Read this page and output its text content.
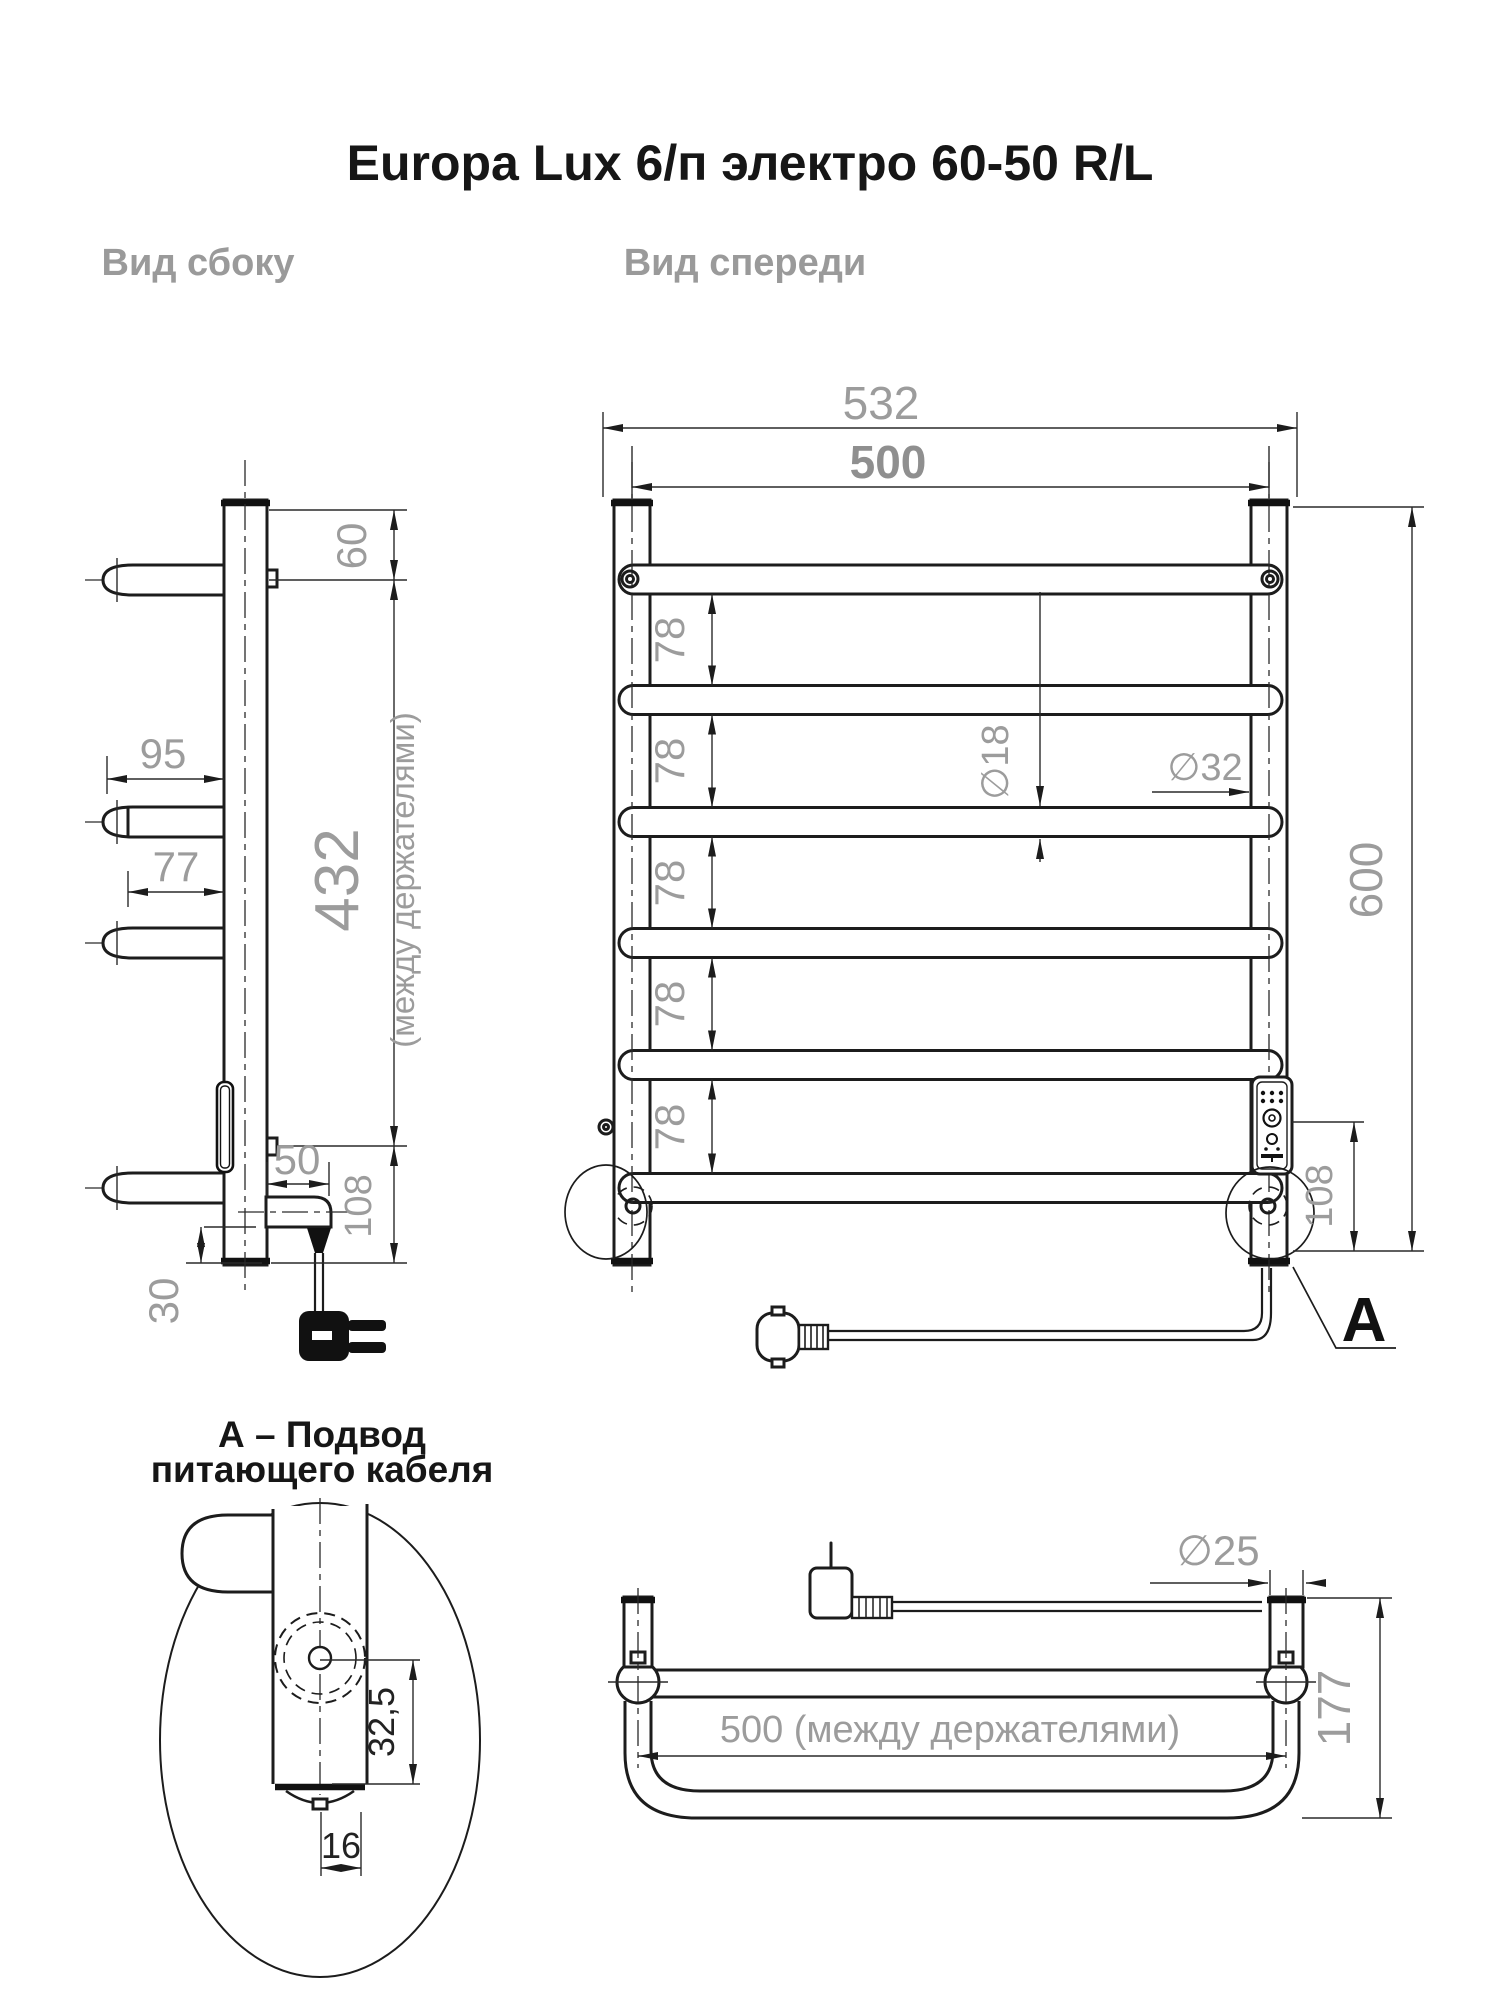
Europa Lux 6/п электро 60-50 R/L
Вид сбоку	Вид спереди
60
432 (между держателями)
108
95
77
50
30	A
532
500
78
78
78
78
78
∅18	∅32
600
108
А – Подвод
питающего кабеля
32,5
16
∅25
500 (между держателями)	177
